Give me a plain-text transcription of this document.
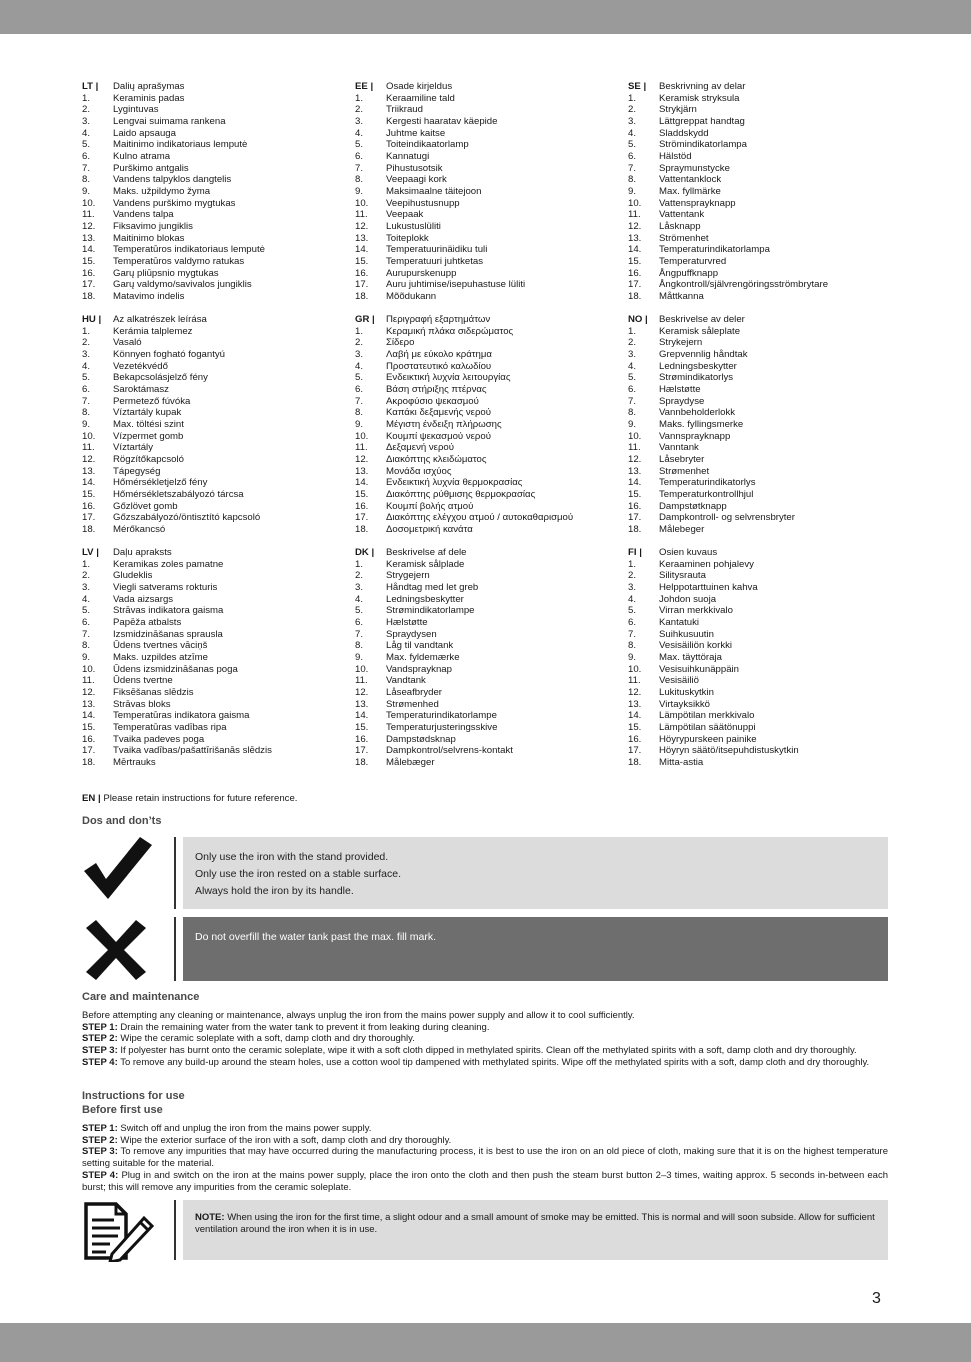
LT |	Dalių aprašymas
1.	Keraminis padas
2.	Lygintuvas
3.	Lengvai suimama rankena
4.	Laido apsauga
5.	Maitinimo indikatoriaus lemputė
6.	Kulno atrama
7.	Purškimo antgalis
8.	Vandens talpyklos dangtelis
9.	Maks. užpildymo žyma
10.	Vandens purškimo mygtukas
11.	Vandens talpa
12.	Fiksavimo jungiklis
13.	Maitinimo blokas
14.	Temperatūros indikatoriaus lemputė
15.	Temperatūros valdymo ratukas
16.	Garų pliūpsnio mygtukas
17.	Garų valdymo/savivalos jungiklis
18.	Matavimo indelis
EE |	Osade kirjeldus
1.	Keraamiline tald
2.	Triikraud
3.	Kergesti haaratav käepide
4.	Juhtme kaitse
5.	Toiteindikaatorlamp
6.	Kannatugi
7.	Pihustusotsik
8.	Veepaagi kork
9.	Maksimaalne täitejoon
10.	Veepihustusnupp
11.	Veepaak
12.	Lukustuslüliti
13.	Toiteplokk
14.	Temperatuurinäidiku tuli
15.	Temperatuuri juhtketas
16.	Aurupurskenupp
17.	Auru juhtimise/isepuhastuse lüliti
18.	Mõõdukann
SE |	Beskrivning av delar
1.	Keramisk stryksula
2.	Strykjärn
3.	Lättgreppat handtag
4.	Sladdskydd
5.	Strömindikatorlampa
6.	Hälstöd
7.	Spraymunstycke
8.	Vattentanklock
9.	Max. fyllmärke
10.	Vattensprayknapp
11.	Vattentank
12.	Låsknapp
13.	Strömenhet
14.	Temperaturindikatorlampa
15.	Temperaturvred
16.	Ångpuffknapp
17.	Ångkontroll/självrengöringsströmbrytare
18.	Måttkanna
HU |	Az alkatrészek leírása
1.	Kerámia talplemez
2.	Vasaló
3.	Könnyen fogható fogantyú
4.	Vezetékvédő
5.	Bekapcsolásjelző fény
6.	Saroktámasz
7.	Permetező fúvóka
8.	Víztartály kupak
9.	Max. töltési szint
10.	Vízpermet gomb
11.	Víztartály
12.	Rögzítőkapcsoló
13.	Tápegység
14.	Hőmérsékletjelző fény
15.	Hőmérsékletszabályozó tárcsa
16.	Gőzlövet gomb
17.	Gőzszabályozó/öntisztító kapcsoló
18.	Mérőkancsó
GR |	Περιγραφή εξαρτημάτων
1.	Κεραμική πλάκα σιδερώματος
2.	Σίδερο
3.	Λαβή με εύκολο κράτημα
4.	Προστατευτικό καλωδίου
5.	Ενδεικτική λυχνία λειτουργίας
6.	Βάση στήριξης πτέρνας
7.	Ακροφύσιο ψεκασμού
8.	Καπάκι δεξαμενής νερού
9.	Μέγιστη ένδειξη πλήρωσης
10.	Κουμπί ψεκασμού νερού
11.	Δεξαμενή νερού
12.	Διακόπτης κλειδώματος
13.	Μονάδα ισχύος
14.	Ενδεικτική λυχνία θερμοκρασίας
15.	Διακόπτης ρύθμισης θερμοκρασίας
16.	Κουμπί βολής ατμού
17.	Διακόπτης ελέγχου ατμού / αυτοκαθαρισμού
18.	Δοσομετρική κανάτα
NO |	Beskrivelse av deler
1.	Keramisk såleplate
2.	Strykejern
3.	Grepvennlig håndtak
4.	Ledningsbeskytter
5.	Strømindikatorlys
6.	Hælstøtte
7.	Spraydyse
8.	Vannbeholderlokk
9.	Maks. fyllingsmerke
10.	Vannsprayknapp
11.	Vanntank
12.	Låsebryter
13.	Strømenhet
14.	Temperaturindikatorlys
15.	Temperaturkontrollhjul
16.	Dampstøtknapp
17.	Dampkontroll- og selvrensbryter
18.	Målebeger
LV |	Daļu apraksts
1.	Keramikas zoles pamatne
2.	Gludeklis
3.	Viegli satverams rokturis
4.	Vada aizsargs
5.	Strāvas indikatora gaisma
6.	Papēža atbalsts
7.	Izsmidzināšanas sprausla
8.	Ūdens tvertnes vāciņš
9.	Maks. uzpildes atzīme
10.	Ūdens izsmidzināšanas poga
11.	Ūdens tvertne
12.	Fiksēšanas slēdzis
13.	Strāvas bloks
14.	Temperatūras indikatora gaisma
15.	Temperatūras vadības ripa
16.	Tvaika padeves poga
17.	Tvaika vadības/pašattīrišanās slēdzis
18.	Mērtrauks
DK |	Beskrivelse af dele
1.	Keramisk sålplade
2.	Strygejern
3.	Håndtag med let greb
4.	Ledningsbeskytter
5.	Strømindikatorlampe
6.	Hælstøtte
7.	Spraydysen
8.	Låg til vandtank
9.	Max. fyldemærke
10.	Vandsprayknap
11.	Vandtank
12.	Låseafbryder
13.	Strømenhed
14.	Temperaturindikatorlampe
15.	Temperaturjusteringsskive
16.	Dampstødsknap
17.	Dampkontrol/selvrens-kontakt
18.	Målebæger
FI |	Osien kuvaus
1.	Keraaminen pohjalevy
2.	Silitysrauta
3.	Helppotarttuinen kahva
4.	Johdon suoja
5.	Virran merkkivalo
6.	Kantatuki
7.	Suihkusuutin
8.	Vesisäiliön korkki
9.	Max. täyttöraja
10.	Vesisuihkunäppäin
11.	Vesisäiliö
12.	Lukituskytkin
13.	Virtayksikkö
14.	Lämpötilan merkkivalo
15.	Lämpötilan säätönuppi
16.	Höyrypurskeen painike
17.	Höyryn säätö/itsepuhdistuskytkin
18.	Mitta-astia
EN | Please retain instructions for future reference.
Dos and don’ts
Only use the iron with the stand provided.
Only use the iron rested on a stable surface.
Always hold the iron by its handle.
Do not overfill the water tank past the max. fill mark.
Care and maintenance

Before attempting any cleaning or maintenance, always unplug the iron from the mains power supply and allow it to cool sufficiently.

STEP 1: Drain the remaining water from the water tank to prevent it from leaking during cleaning.

STEP 2: Wipe the ceramic soleplate with a soft, damp cloth and dry thoroughly.

STEP 3: If polyester has burnt onto the ceramic soleplate, wipe it with a soft cloth dipped in methylated spirits. Clean off the methylated spirits with a soft, damp cloth and dry thoroughly.

STEP 4: To remove any build-up around the steam holes, use a cotton wool tip dampened with methylated spirits. Wipe off the methylated spirits with a soft, damp cloth and dry thoroughly.

Instructions for use
Before first use

STEP 1: Switch off and unplug the iron from the mains power supply.

STEP 2: Wipe the exterior surface of the iron with a soft, damp cloth and dry thoroughly.

STEP 3: To remove any impurities that may have occurred during the manufacturing process, it is best to use the iron on an old piece of cloth, making sure that it is on the highest temperature setting suitable for the material.

STEP 4: Plug in and switch on the iron at the mains power supply, place the iron onto the cloth and then push the steam burst button 2–3 times, waiting approx. 5 seconds in-between each burst; this will remove any impurities from the ceramic soleplate.

NOTE: When using the iron for the first time, a slight odour and a small amount of smoke may be emitted. This is normal and will soon subside. Allow for sufficient ventilation around the iron when it is in use.
3
